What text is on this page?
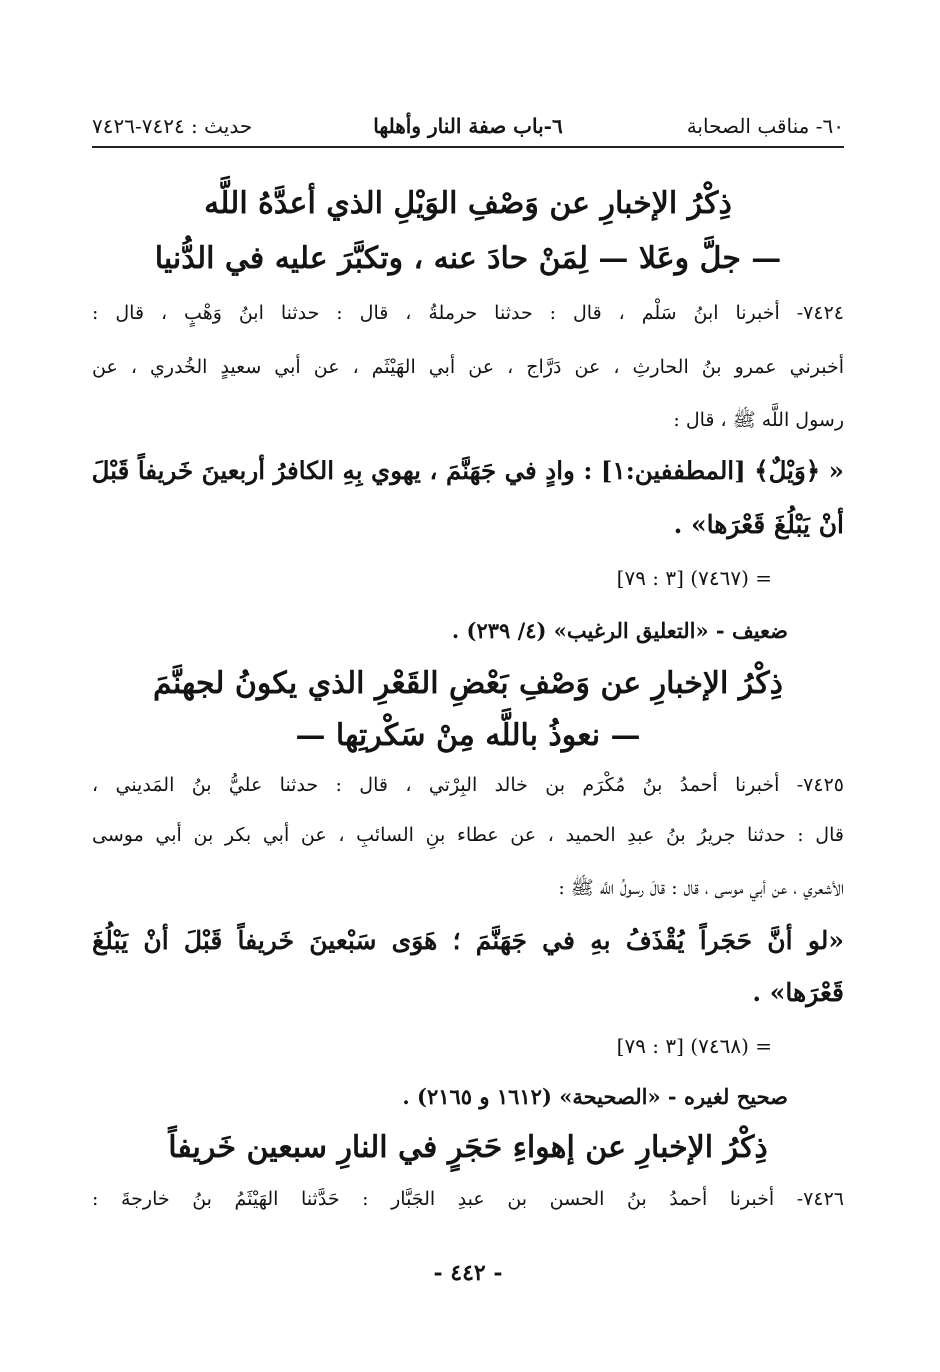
٦٠- مناقب الصحابة
٦-باب صفة النار وأهلها
حديث : ٧٤٢٤-٧٤٢٦
ذِكْرُ الإخبارِ عن وَصْفِ الوَيْلِ الذي أعدَّهُ اللَّه
— جلَّ وعَلا — لِمَنْ حادَ عنه ، وتكبَّرَ عليه في الدُّنيا
٧٤٢٤- أخبرنا ابنُ سَلْم ، قال : حدثنا حرملةُ ، قال : حدثنا ابنُ وَهْبٍ ، قال :
أخبرني عمرو بنُ الحارثِ ، عن دَرَّاج ، عن أبي الهَيْثَم ، عن أبي سعيدٍ الخُدري ، عن
رسول اللَّه ﷺ ، قال :
« ﴿وَيْلٌ﴾ [المطففين:١] : وادٍ في جَهَنَّمَ ، يهوي بِهِ الكافرُ أربعينَ خَريفاً قَبْلَ
أنْ يَبْلُغَ قَعْرَها» .
= (٧٤٦٧) [٣ : ٧٩]
ضعيف - «التعليق الرغيب» (٤/ ٢٣٩) .
ذِكْرُ الإخبارِ عن وَصْفِ بَعْضِ القَعْرِ الذي يكونُ لجهنَّمَ
— نعوذُ باللَّه مِنْ سَكْرتِها —
٧٤٢٥- أخبرنا أحمدُ بنُ مُكْرَم بن خالد البِرْتي ، قال : حدثنا عليُّ بنُ المَديني ،
قال : حدثنا جريرُ بنُ عبدِ الحميد ، عن عطاء بنِ السائبِ ، عن أبي بكر بن أبي موسى
الأشعري ، عن أبي موسى ، قال : قالَ رسولُ اللَّه ﷺ :
«لو أنَّ حَجَراً يُقْذَفُ بهِ في جَهَنَّمَ ؛ هَوَى سَبْعينَ خَريفاً قَبْلَ أنْ يَبْلُغَ
قَعْرَها» .
= (٧٤٦٨) [٣ : ٧٩]
صحيح لغيره - «الصحيحة» (١٦١٢ و ٢١٦٥) .
ذِكْرُ الإخبارِ عن إهواءِ حَجَرٍ في النارِ سبعين خَريفاً
٧٤٢٦- أخبرنا أحمدُ بنُ الحسن بن عبدِ الجَبَّار : حَدَّثنا الهَيْثَمُ بنُ خارجةَ :
- ٤٤٢ -
